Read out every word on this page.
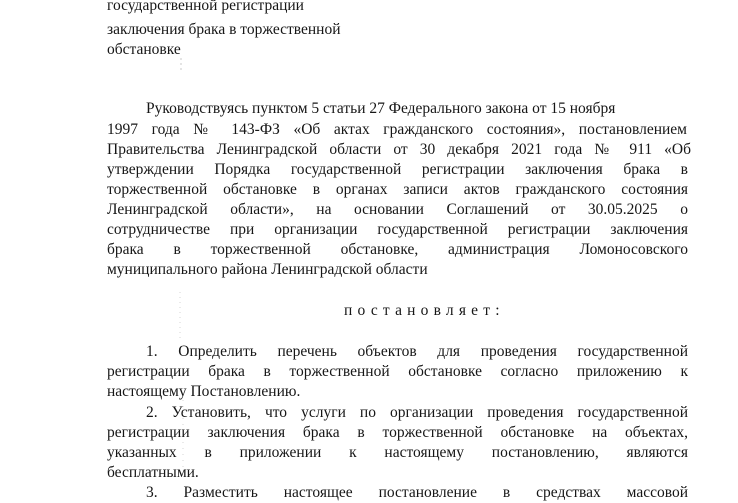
государственной регистрации

заключения брака в торжественной

обстановке

Руководствуясь пунктом 5 статьи 27 Федерального закона от 15 ноября

1997 года № 143-ФЗ «Об актах гражданского состояния», постановлением

Правительства Ленинградской области от 30 декабря 2021 года № 911 «Об

утверждении Порядка государственной регистрации заключения брака в

торжественной обстановке в органах записи актов гражданского состояния

Ленинградской области», на основании Соглашений от 30.05.2025 о

сотрудничестве при организации государственной регистрации заключения

брака в торжественной обстановке, администрация Ломоносовского

муниципального района Ленинградской области

постановляет:

1. Определить перечень объектов для проведения государственной

регистрации брака в торжественной обстановке согласно приложению к

настоящему Постановлению.

2. Установить, что услуги по организации проведения государственной

регистрации заключения брака в торжественной обстановке на объектах,

указанных в приложении к настоящему постановлению, являются

бесплатными.

3. Разместить настоящее постановление в средствах массовой
